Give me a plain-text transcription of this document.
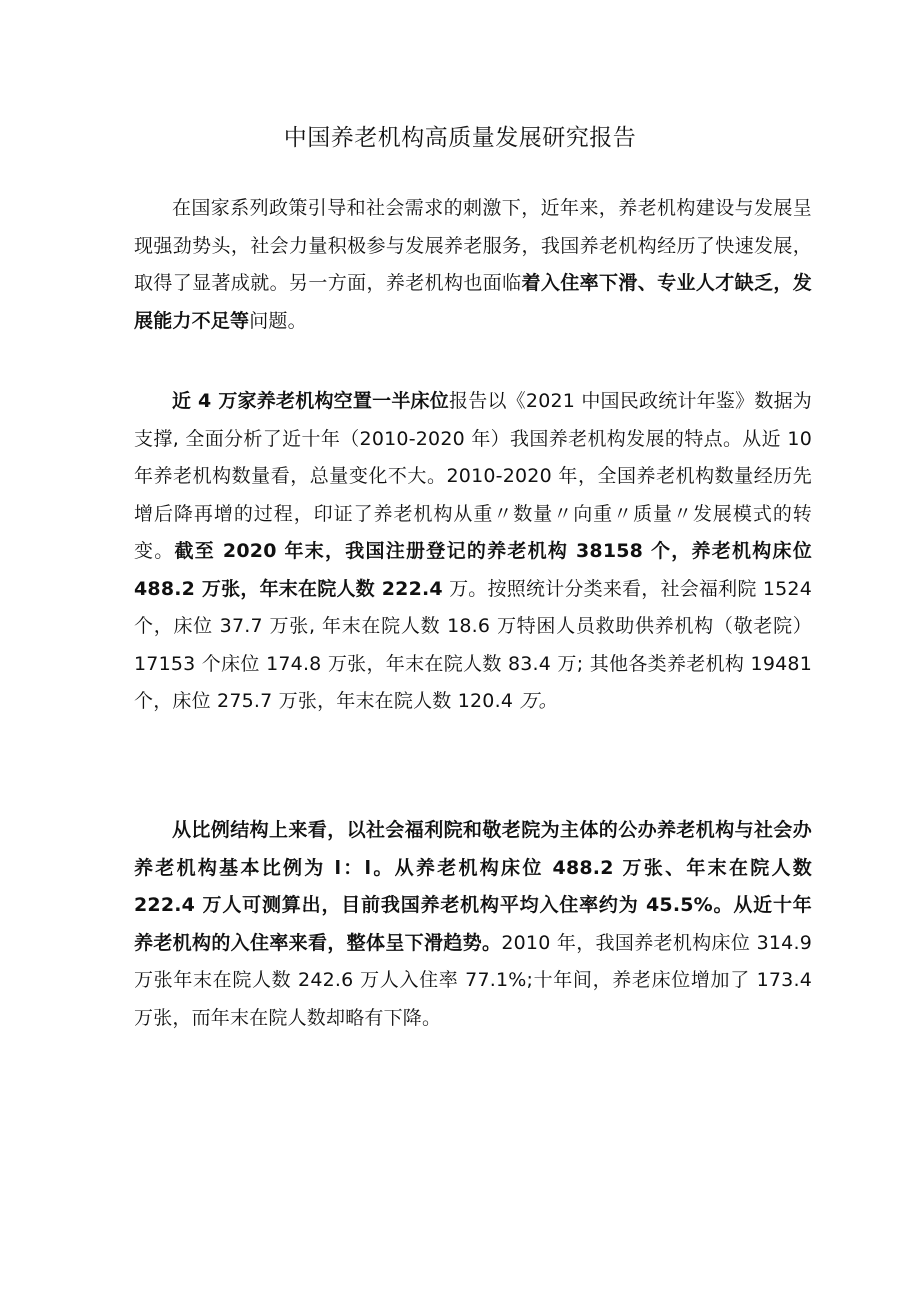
中国养老机构高质量发展研究报告

在国家系列政策引导和社会需求的刺激下，近年来，养老机构建设与发展呈现强劲势头，社会力量积极参与发展养老服务，我国养老机构经历了快速发展，取得了显著成就。另一方面，养老机构也面临着入住率下滑、专业人才缺乏，发展能力不足等问题。

近 4 万家养老机构空置一半床位报告以《2021 中国民政统计年鉴》数据为支撑, 全面分析了近十年（2010-2020 年）我国养老机构发展的特点。从近 10 年养老机构数量看，总量变化不大。2010-2020 年，全国养老机构数量经历先增后降再增的过程，印证了养老机构从重〃数量〃向重〃质量〃发展模式的转变。截至 2020 年末，我国注册登记的养老机构 38158 个，养老机构床位 488.2 万张，年末在院人数 222.4 万。按照统计分类来看，社会福利院 1524 个，床位 37.7 万张, 年末在院人数 18.6 万特困人员救助供养机构（敬老院）17153 个床位 174.8 万张，年末在院人数 83.4 万; 其他各类养老机构 19481 个，床位 275.7 万张，年末在院人数 120.4 万。

从比例结构上来看，以社会福利院和敬老院为主体的公办养老机构与社会办养老机构基本比例为 l：l。从养老机构床位 488.2 万张、年末在院人数 222.4 万人可测算出，目前我国养老机构平均入住率约为 45.5%。从近十年养老机构的入住率来看，整体呈下滑趋势。2010 年，我国养老机构床位 314.9 万张年末在院人数 242.6 万人入住率 77.1%;十年间，养老床位增加了 173.4 万张，而年末在院人数却略有下降。
